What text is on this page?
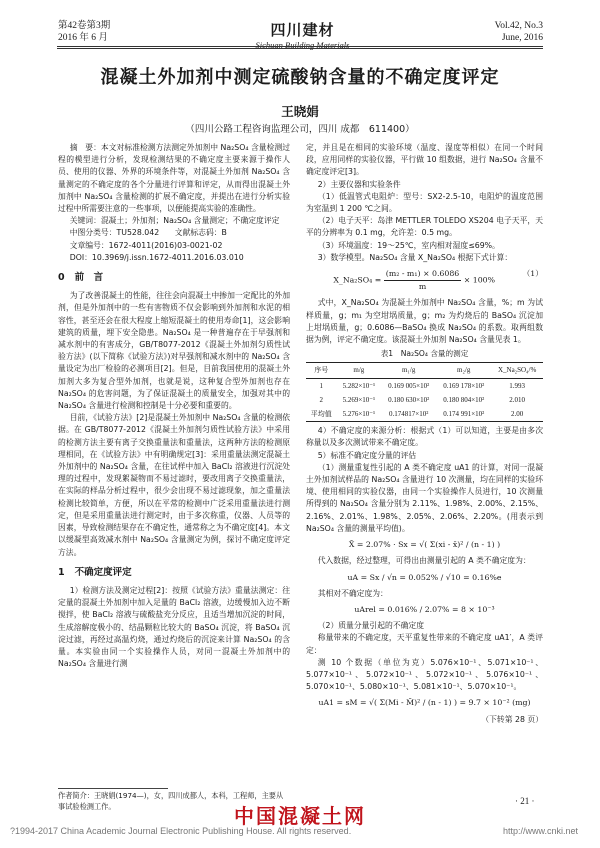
第42卷第3期
2016 年 6 月	四川建材
Sichuan Building Materials
Vol.42, No.3
June, 2016
混凝土外加剂中测定硫酸钠含量的不确定度评定
王晓娟
（四川公路工程咨询监理公司，四川 成都　611400）

摘　要：本文对标准检测方法测定外加剂中 Na₂SO₄ 含量检测过程的模型进行分析，发现检测结果的不确定度主要来源于操作人员、使用的仪器、外界的环境条件等，对混凝土外加剂 Na₂SO₄ 含量测定的不确定度的各个分量进行评算和评定，从而得出混凝土外加剂中 Na₂SO₄ 含量检测的扩展不确定度，并提出在进行分析实验过程中所需要注意的一些事项，以便能提高实验的准确性。

关键词：混凝土；外加剂；Na₂SO₄ 含量测定；不确定度评定

中图分类号：TU528.042　　文献标志码：B

文章编号：1672-4011(2016)03-0021-02

DOI：10.3969/j.issn.1672-4011.2016.03.010

0 前　言

为了改善混凝土的性能，往往会向混凝土中掺加一定配比的外加剂，但是外加剂中的一些有害物质不仅会影响到外加剂和水泥的相容性，甚至还会在很大程度上缩短混凝土的使用寿命[1]，这会影响建筑的质量，埋下安全隐患。Na₂SO₄ 是一种普遍存在于早强剂和减水剂中的有害成分，GB/T8077-2012《混凝土外加剂匀质性试验方法》(以下简称《试验方法》)对早强剂和减水剂中的 Na₂SO₄ 含量设定为出厂检验的必测项目[2]。但是，目前我国使用的混凝土外加剂大多为复合型外加剂，也就是说，这种复合型外加剂也存在 Na₂SO₄ 的危害问题，为了保证混凝土的质量安全，加强对其中的 Na₂SO₄ 含量进行检测和控制是十分必要和重要的。

目前，《试验方法》[2]是混凝土外加剂中 Na₂SO₄ 含量的检测依据。在 GB/T8077-2012《混凝土外加剂匀质性试验方法》中采用的检测方法主要有离子交换重量法和重量法，这两种方法的检测原理相同，在《试验方法》中有明确规定[3]：采用重量法测定混凝土外加剂中的 Na₂SO₄ 含量，在往试样中加入 BaCl₂ 溶液进行沉淀处理的过程中，发现絮凝物而不易过滤时，要改用离子交换重量法，在实际的样品分析过程中，很少会出现不易过滤现象，加之重量法检测比较简单，方便，所以在平常的检测中广泛采用重量法进行测定，但是采用重量法进行测定时，由于多次称重，仪器、人员等的因素，导致检测结果存在不确定性，通常称之为不确定度[4]。本文以缓凝型高效减水剂中 Na₂SO₄ 含量测定为例，探讨不确定度评定方法。

1 不确定度评定

1）检测方法及测定过程[2]：按照《试验方法》重量法测定：往定量的混凝土外加剂中加入足量的 BaCl₂ 溶液，边缓慢加入边不断搅拌，使 BaCl₂ 溶液与硫酸盐充分反应，且适当增加沉淀的时间，生成溶解度极小的、结晶颗粒比较大的 BaSO₄ 沉淀，将 BaSO₄ 沉淀过滤，再经过高温灼烧，通过灼烧后的沉淀来计算 Na₂SO₄ 的含量。本实验由同一个实验操作人员，对同一混凝土外加剂中的 Na₂SO₄ 含量进行测

定，并且是在相同的实验环境（温度、湿度等相似）在同一个时间段，应用同样的实验仪器，平行做 10 组数据，进行 Na₂SO₄ 含量不确定度评定[3]。

2）主要仪器和实验条件

（1）低温管式电阻炉：型号：SX2-2.5-10，电阻炉的温度范围为室温到 1 200 ℃之间。

（2）电子天平：岛津 METTLER TOLEDO XS204 电子天平，天平的分辨率为 0.1 mg，允许差：0.5 mg。

（3）环境温度：19～25℃，室内相对湿度≤69%。

3）数学模型。Na₂SO₄ 含量 X_Na₂SO₄ 根据下式计算：

X_Na₂SO₄ = $\frac{\text{(m₂ - m₁) × 0.6086}}{m} \times 100\%$
（1）

式中，X_Na₂SO₄ 为混凝土外加剂中 Na₂SO₄ 含量，%；m 为试样质量，g；m₁ 为空坩埚质量，g；m₂ 为灼烧后的 BaSO₄ 沉淀加上坩埚质量，g；0.6086—BaSO₄ 换成 Na₂SO₄ 的系数。取两组数据为例，评定不确定度。该混凝土外加剂 Na₂SO₄ 含量见表 1。

表1　Na₂SO₄ 含量的测定
序号	m/g	m₁/g	m₂/g	X_Na₂SO₄/%
1	5.282×10⁻¹	0.169 005×10²	0.169 178×10²	1.993
2	5.269×10⁻¹	0.180 630×10²	0.180 804×10²	2.010
平均值	5.276×10⁻¹	0.174817×10²	0.174 991×10²	2.00

4）不确定度的来源分析：根据式（1）可以知道，主要是由多次称量以及多次测试带来不确定度。

5）标准不确定度分量的评估

（1）测量重复性引起的 A 类不确定度 uA1 的计算，对同一混凝土外加剂试样品的 Na₂SO₄ 含量进行 10 次测量，均在同样的实验环境、使用相同的实验仪器，由同一个实验操作人员进行，10 次测量所得到的 Na₂SO₄ 含量分别为 2.11%、1.98%、2.00%、2.15%、2.16%、2.01%、1.98%、2.05%、2.06%、2.20%。(用表示到 Na₂SO₄ 含量的测量平均值)。

X̄ = 2.07% · Sx = √( Σ(xi - x̄)² / (n - 1) )

代入数据，经过整理，可得出由测量引起的 A 类不确定度为：

uA = Sx / √n = 0.052% / √10 = 0.16%e

其相对不确定度为：

uArel = 0.016% / 2.07% = 8 × 10⁻³

（2）质量分量引起的不确定度

称量带来的不确定度，天平重复性带来的不确定度 uA1′，A 类评定：

测 10 个数据（单位为克）5.076×10⁻¹、5.071×10⁻¹、5.077×10⁻¹、5.072×10⁻¹、5.072×10⁻¹、5.076×10⁻¹、5.070×10⁻¹、5.080×10⁻¹、5.081×10⁻¹、5.070×10⁻¹。

uA1 = sM = √( Σ(Mi - M̄)² / (n - 1) ) = 9.7 × 10⁻² (mg)
（下转第 28 页）
作者简介：王晓娟(1974—)，女，四川成都人，本科，工程师，主要从事试验检测工作。	· 21 ·
中国混凝土网
?1994-2017 China Academic Journal Electronic Publishing House. All rights reserved.	http://www.cnki.net
